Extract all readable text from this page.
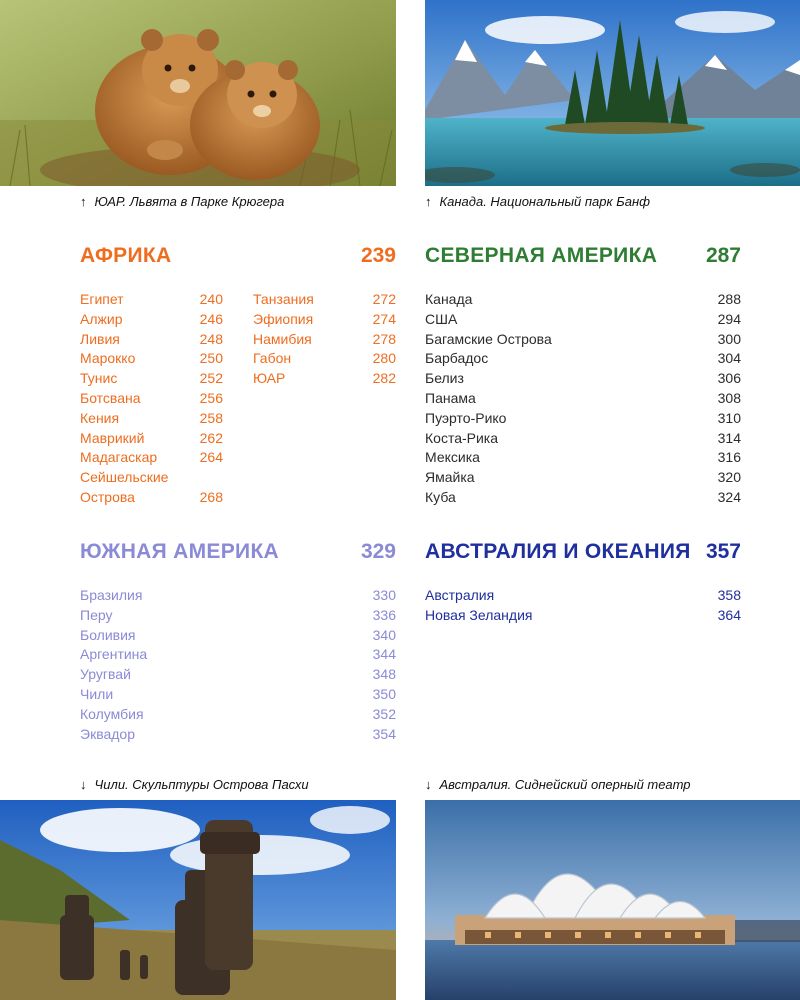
↑ ЮАР. Львята в Парке Крюгера	↑ Канада. Национальный парк Банф
↓ Чили. Скульптуры Острова Пасхи	↓ Австралия. Сиднейский оперный театр
АФРИКА	239
Египет	240
Алжир	246
Ливия	248
Марокко	250
Тунис	252
Ботсвана	256
Кения	258
Маврикий	262
Мадагаскар	264
Сейшельские
Острова	268
Танзания	272
Эфиопия	274
Намибия	278
Габон	280
ЮАР	282
СЕВЕРНАЯ АМЕРИКА 287
Канада	288
США	294
Багамские Острова	300
Барбадос	304
Белиз	306
Панама	308
Пуэрто-Рико	310
Коста-Рика	314
Мексика	316
Ямайка	320
Куба	324
ЮЖНАЯ АМЕРИКА	329
Бразилия	330
Перу	336
Боливия	340
Аргентина	344
Уругвай	348
Чили	350
Колумбия	352
Эквадор	354
АВСТРАЛИЯ И ОКЕАНИЯ 357
Австралия	358
Новая Зеландия	364
